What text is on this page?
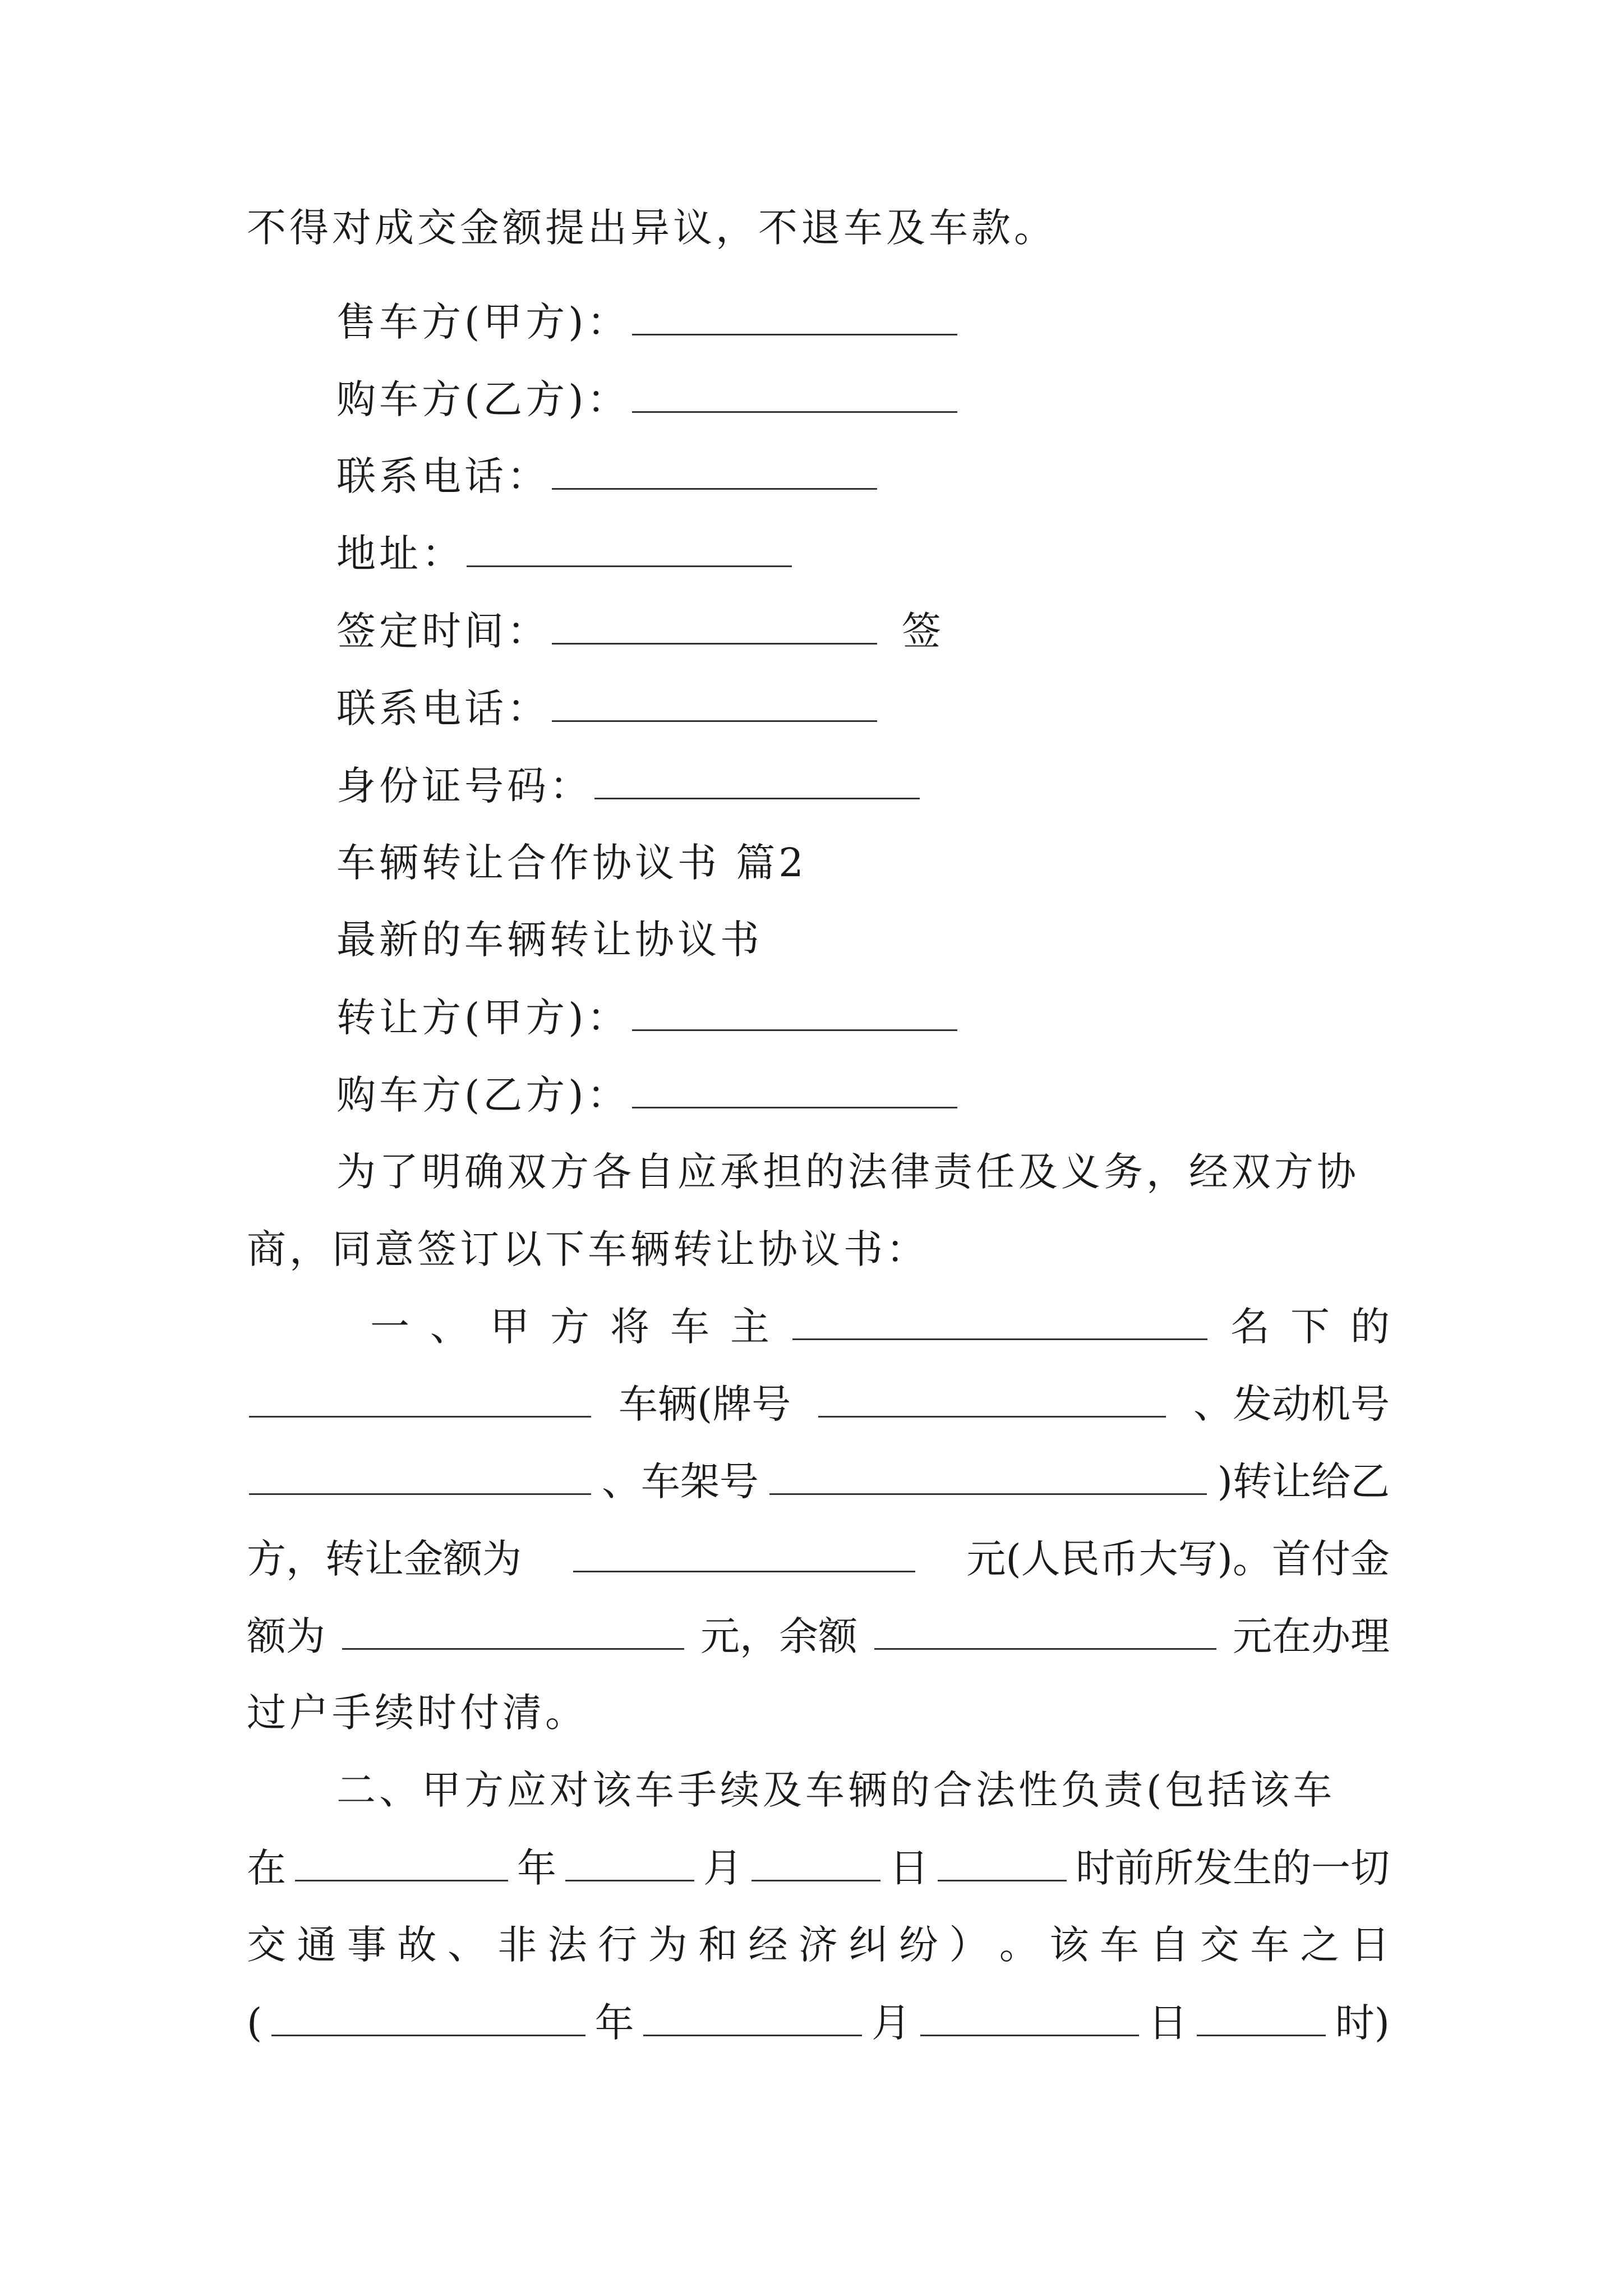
不得对成交金额提出异议，不退车及车款。
售车方(甲方)：
购车方(乙方)：
联系电话：
地址：
签定时间：	签
联系电话：
身份证号码：
车辆转让合作协议书 篇2
最新的车辆转让协议书
转让方(甲方)：
购车方(乙方)：
为了明确双方各自应承担的法律责任及义务，经双方协
商，同意签订以下车辆转让协议书：
一 、 甲 方 将 车 主	名 下 的
车辆(牌号	、发动机号
、车架号	)转让给乙
方，转让金额为	元(人民币大写)。首付金
额为	元，余额	元在办理
过户手续时付清。
二、甲方应对该车手续及车辆的合法性负责(包括该车
在	年	月	日	时前所发生的一切
交 通 事 故 、 非 法 行 为 和 经 济 纠 纷 ） 。 该 车 自 交 车 之 日
(	年	月	日	时)
